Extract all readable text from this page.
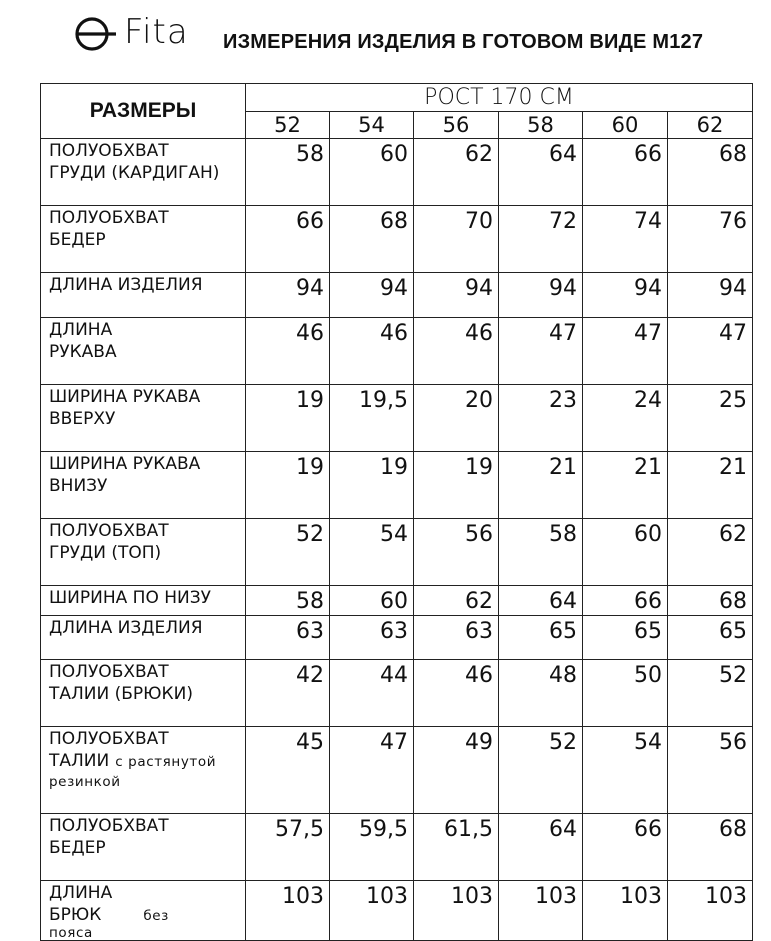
Fita ИЗМЕРЕНИЯ ИЗДЕЛИЯ В ГОТОВОМ ВИДЕ М127
РАЗМЕРЫ	РОСТ 170 СМ					
	52	54	56	58	60	62

ПОЛУОБХВАТ
ГРУДИ (КАРДИГАН)	58	60	62	64	66	68

ПОЛУОБХВАТ
БЕДЕР	66	68	70	72	74	76

ДЛИНА ИЗДЕЛИЯ	94	94	94	94	94	94

ДЛИНА
РУКАВА	46	46	46	47	47	47

ШИРИНА РУКАВА
ВВЕРХУ	19	19,5	20	23	24	25

ШИРИНА РУКАВА
ВНИЗУ	19	19	19	21	21	21

ПОЛУОБХВАТ
ГРУДИ (ТОП)	52	54	56	58	60	62

ШИРИНА ПО НИЗУ	58	60	62	64	66	68

ДЛИНА ИЗДЕЛИЯ	63	63	63	65	65	65

ПОЛУОБХВАТ
ТАЛИИ (БРЮКИ)	42	44	46	48	50	52

ПОЛУОБХВАТ
ТАЛИИ с растянутой
резинкой	45	47	49	52	54	56

ПОЛУОБХВАТ
БЕДЕР	57,5	59,5	61,5	64	66	68

ДЛИНА
БРЮК без
пояса	103	103	103	103	103	103
